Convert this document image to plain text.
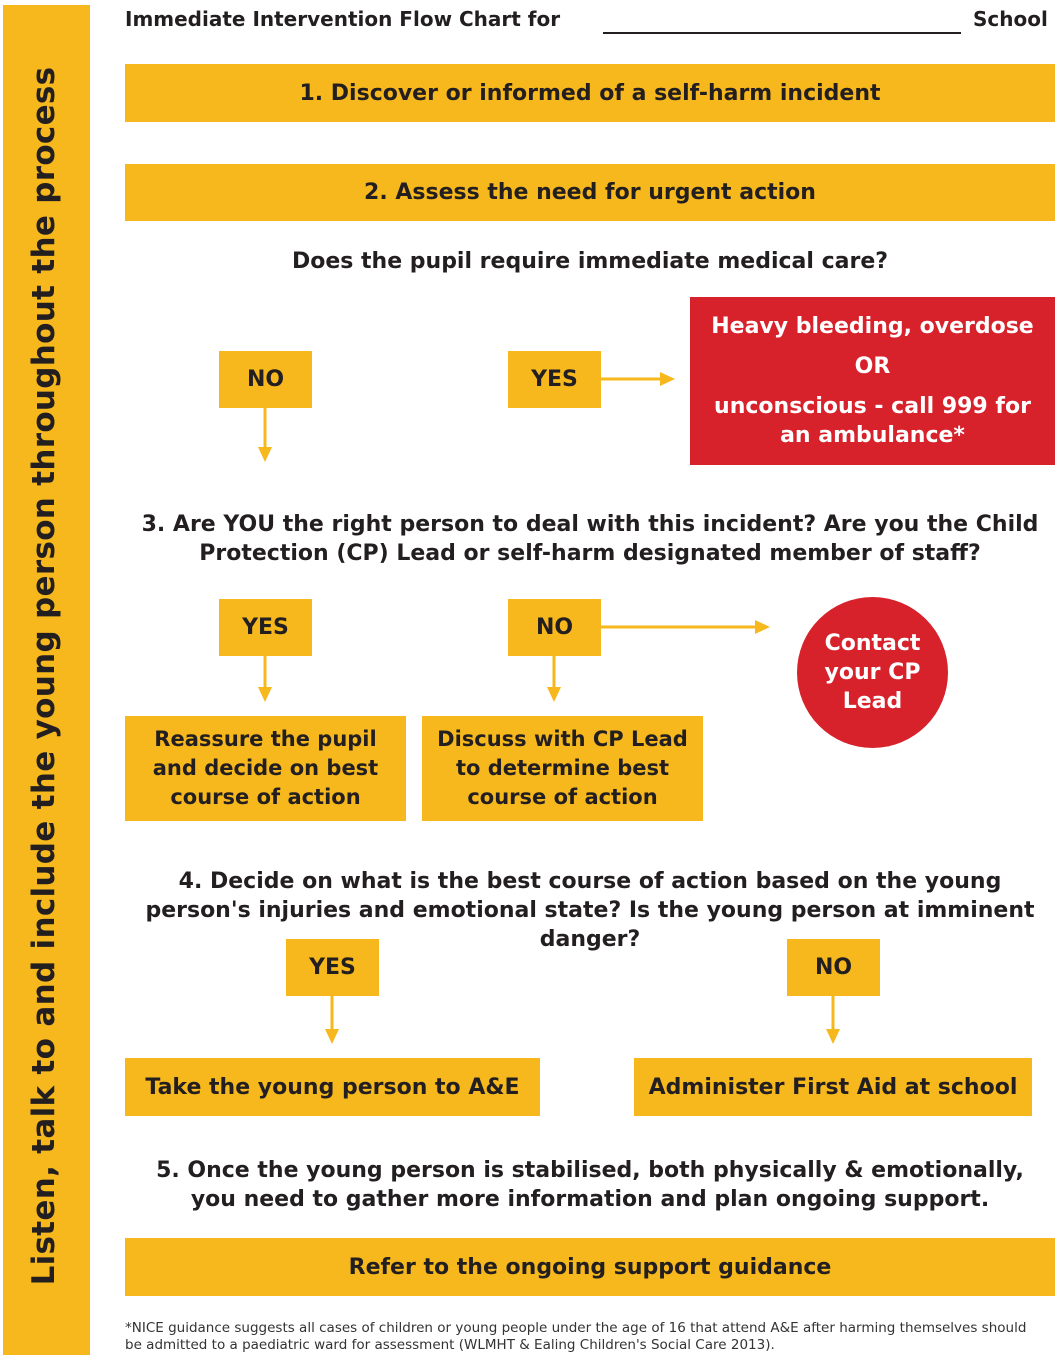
Listen, talk to and include the young person throughout the process
Immediate Intervention Flow Chart for	School
1. Discover or informed of a self-harm incident
2. Assess the need for urgent action
Does the pupil require immediate medical care?
NO	YES
Heavy bleeding, overdose
OR
unconscious - call 999 for an ambulance*
3. Are YOU the right person to deal with this incident? Are you the Child Protection (CP) Lead or self-harm designated member of staff?
YES	NO
Contact your CP Lead
Reassure the pupil and decide on best course of action
Discuss with CP Lead to determine best course of action
4. Decide on what is the best course of action based on the young person's injuries and emotional state? Is the young person at imminent danger?
YES	NO
Take the young person to A&E	Administer First Aid at school
5. Once the young person is stabilised, both physically & emotionally, you need to gather more information and plan ongoing support.
Refer to the ongoing support guidance
*NICE guidance suggests all cases of children or young people under the age of 16 that attend A&E after harming themselves should be admitted to a paediatric ward for assessment (WLMHT & Ealing Children's Social Care 2013).
